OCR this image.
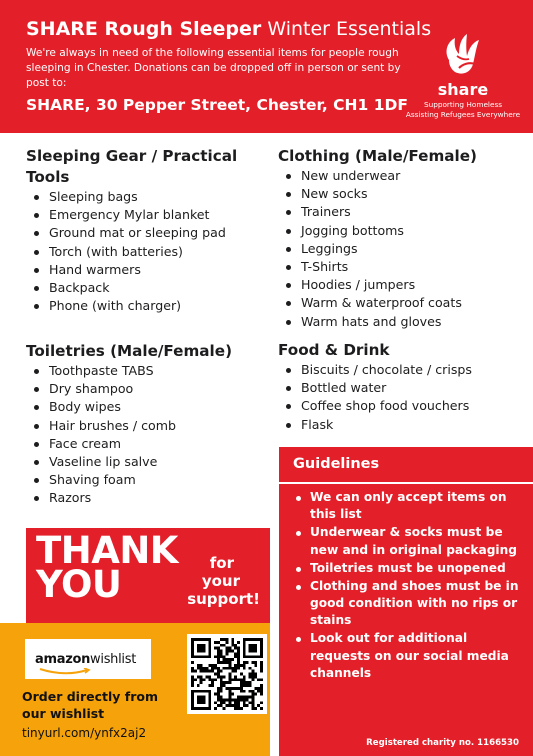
SHARE Rough Sleeper Winter Essentials
We're always in need of the following essential items for people rough sleeping in Chester. Donations can be dropped off in person or sent by post to:
SHARE, 30 Pepper Street, Chester, CH1 1DF
share
Supporting Homeless
Assisting Refugees Everywhere
Sleeping Gear / Practical Tools
Sleeping bags
Emergency Mylar blanket
Ground mat or sleeping pad
Torch (with batteries)
Hand warmers
Backpack
Phone (with charger)
Toiletries (Male/Female)
Toothpaste TABS
Dry shampoo
Body wipes
Hair brushes / comb
Face cream
Vaseline lip salve
Shaving foam
Razors
Clothing (Male/Female)
New underwear
New socks
Trainers
Jogging bottoms
Leggings
T-Shirts
Hoodies / jumpers
Warm & waterproof coats
Warm hats and gloves
Food & Drink
Biscuits / chocolate / crisps
Bottled water
Coffee shop food vouchers
Flask
Guidelines
We can only accept items on this list
Underwear & socks must be new and in original packaging
Toiletries must be unopened
Clothing and shoes must be in good condition with no rips or stains
Look out for additional requests on our social media channels
Registered charity no. 1166530
THANK
YOU	for
your
support!
amazonwishlist
Order directly from
our wishlist
tinyurl.com/ynfx2aj2
